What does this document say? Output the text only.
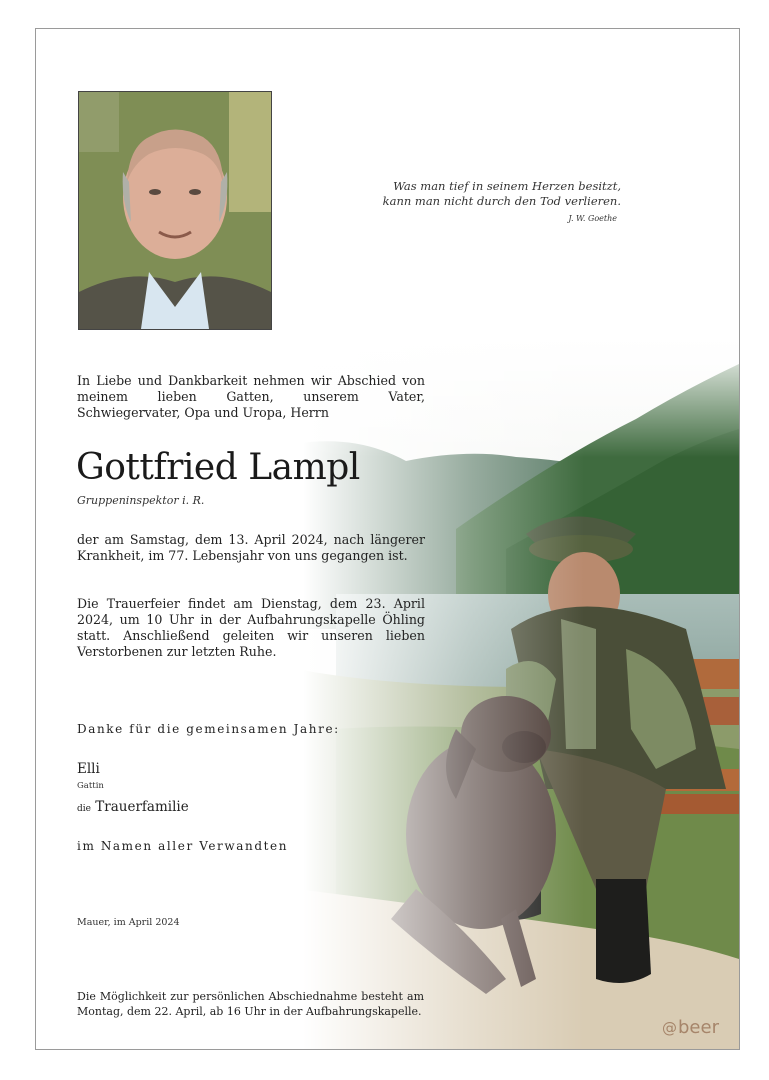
Was man tief in seinem Herzen besitzt,
kann man nicht durch den Tod verlieren.
J. W. Goethe
In Liebe und Dankbarkeit nehmen wir Abschied von meinem lieben Gatten, unserem Vater, Schwiegervater, Opa und Uropa, Herrn
Gottfried Lampl
Gruppeninspektor i. R.
der am Samstag, dem 13. April 2024, nach längerer Krankheit, im 77. Lebensjahr von uns gegangen ist.
Die Trauerfeier findet am Dienstag, dem 23. April 2024, um 10 Uhr in der Aufbahrungskapelle Öhling statt. Anschließend geleiten wir unseren lieben Verstorbenen zur letzten Ruhe.
Danke für die gemeinsamen Jahre:
Elli
Gattin
die Trauerfamilie
im Namen aller Verwandten
Mauer, im April 2024
Die Möglichkeit zur persönlichen Abschiednahme besteht am Montag, dem 22. April, ab 16 Uhr in der Aufbahrungskapelle.
@beer
